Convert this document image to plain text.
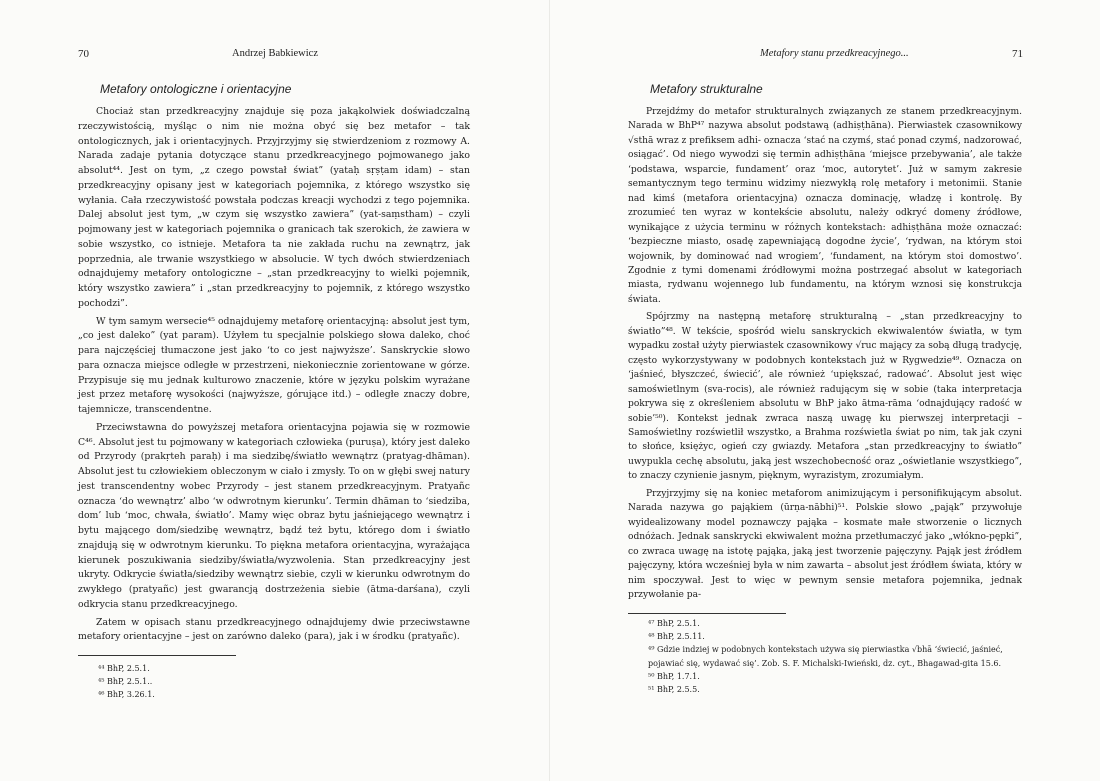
70	Andrzej Babkiewicz
Metafory ontologiczne i orientacyjne

Chociaż stan przedkreacyjny znajduje się poza jakąkolwiek doświadczalną rzeczywistością, myśląc o nim nie można obyć się bez metafor – tak ontologicznych, jak i orientacyjnych. Przyjrzyjmy się stwierdzeniom z rozmowy A. Narada zadaje pytania dotyczące stanu przedkreacyjnego pojmowanego jako absolut⁴⁴. Jest on tym, „z czego powstał świat” (yataḥ sṛṣṭam idam) – stan przedkreacyjny opisany jest w kategoriach pojemnika, z którego wszystko się wyłania. Cała rzeczywistość powstała podczas kreacji wychodzi z tego pojemnika. Dalej absolut jest tym, „w czym się wszystko zawiera” (yat-saṃstham) – czyli pojmowany jest w kategoriach pojemnika o granicach tak szerokich, że zawiera w sobie wszystko, co istnieje. Metafora ta nie zakłada ruchu na zewnątrz, jak poprzednia, ale trwanie wszystkiego w absolucie. W tych dwóch stwierdzeniach odnajdujemy metafory ontologiczne – „stan przedkreacyjny to wielki pojemnik, który wszystko zawiera” i „stan przedkreacyjny to pojemnik, z którego wszystko pochodzi”.

W tym samym wersecie⁴⁵ odnajdujemy metaforę orientacyjną: absolut jest tym, „co jest daleko” (yat param). Użyłem tu specjalnie polskiego słowa daleko, choć para najczęściej tłumaczone jest jako ‘to co jest najwyższe’. Sanskryckie słowo para oznacza miejsce odległe w przestrzeni, niekoniecznie zorientowane w górze. Przypisuje się mu jednak kulturowo znaczenie, które w języku polskim wyrażane jest przez metaforę wysokości (najwyższe, górujące itd.) – odległe znaczy dobre, tajemnicze, transcendentne.

Przeciwstawna do powyższej metafora orientacyjna pojawia się w rozmowie C⁴⁶. Absolut jest tu pojmowany w kategoriach człowieka (puruṣa), który jest daleko od Przyrody (prakṛteh paraḥ) i ma siedzibę/światło wewnątrz (pratyag-dhāman). Absolut jest tu człowiekiem obleczonym w ciało i zmysły. To on w głębi swej natury jest transcendentny wobec Przyrody – jest stanem przedkreacyjnym. Pratyañc oznacza ‘do wewnątrz’ albo ‘w odwrotnym kierunku’. Termin dhāman to ‘siedziba, dom’ lub ‘moc, chwała, światło’. Mamy więc obraz bytu jaśniejącego wewnątrz i bytu mającego dom/siedzibę wewnątrz, bądź też bytu, którego dom i światło znajdują się w odwrotnym kierunku. To piękna metafora orientacyjna, wyrażająca kierunek poszukiwania siedziby/światła/wyzwolenia. Stan przedkreacyjny jest ukryty. Odkrycie światła/siedziby wewnątrz siebie, czyli w kierunku odwrotnym do zwykłego (pratyañc) jest gwarancją dostrzeżenia siebie (ātma-darśana), czyli odkrycia stanu przedkreacyjnego.

Zatem w opisach stanu przedkreacyjnego odnajdujemy dwie przeciwstawne metafory orientacyjne – jest on zarówno daleko (para), jak i w środku (pratyañc).

⁴⁴ BhP, 2.5.1.
⁴⁵ BhP, 2.5.1..
⁴⁶ BhP, 3.26.1.
Metafory stanu przedkreacyjnego...	71
Metafory strukturalne

Przejdźmy do metafor strukturalnych związanych ze stanem przedkreacyjnym. Narada w BhP⁴⁷ nazywa absolut podstawą (adhiṣṭhāna). Pierwiastek czasownikowy √sthā wraz z prefiksem adhi- oznacza ‘stać na czymś, stać ponad czymś, nadzorować, osiągać’. Od niego wywodzi się termin adhiṣṭhāna ‘miejsce przebywania’, ale także ‘podstawa, wsparcie, fundament’ oraz ‘moc, autorytet’. Już w samym zakresie semantycznym tego terminu widzimy niezwykłą rolę metafory i metonimii. Stanie nad kimś (metafora orientacyjna) oznacza dominację, władzę i kontrolę. By zrozumieć ten wyraz w kontekście absolutu, należy odkryć domeny źródłowe, wynikające z użycia terminu w różnych kontekstach: adhiṣṭhāna może oznaczać: ‘bezpieczne miasto, osadę zapewniającą dogodne życie’, ‘rydwan, na którym stoi wojownik, by dominować nad wrogiem’, ‘fundament, na którym stoi domostwo’. Zgodnie z tymi domenami źródłowymi można postrzegać absolut w kategoriach miasta, rydwanu wojennego lub fundamentu, na którym wznosi się konstrukcja świata.

Spójrzmy na następną metaforę strukturalną – „stan przedkreacyjny to światło”⁴⁸. W tekście, spośród wielu sanskryckich ekwiwalentów światła, w tym wypadku został użyty pierwiastek czasownikowy √ruc mający za sobą długą tradycję, często wykorzystywany w podobnych kontekstach już w Rygwedzie⁴⁹. Oznacza on ‘jaśnieć, błyszczeć, świecić’, ale również ‘upiększać, radować’. Absolut jest więc samoświetlnym (sva-rocis), ale również radującym się w sobie (taka interpretacja pokrywa się z określeniem absolutu w BhP jako ātma-rāma ‘odnajdujący radość w sobie’⁵⁰). Kontekst jednak zwraca naszą uwagę ku pierwszej interpretacji – Samoświetlny rozświetlił wszystko, a Brahma rozświetla świat po nim, tak jak czyni to słońce, księżyc, ogień czy gwiazdy. Metafora „stan przedkreacyjny to światło” uwypukla cechę absolutu, jaką jest wszechobecność oraz „oświetlanie wszystkiego”, to znaczy czynienie jasnym, pięknym, wyrazistym, zrozumiałym.

Przyjrzyjmy się na koniec metaforom animizującym i personifikującym absolut. Narada nazywa go pająkiem (ūrṇa-nābhi)⁵¹. Polskie słowo „pająk” przywołuje wyidealizowany model poznawczy pająka – kosmate małe stworzenie o licznych odnóżach. Jednak sanskrycki ekwiwalent można przetłumaczyć jako „włókno-pępki”, co zwraca uwagę na istotę pająka, jaką jest tworzenie pajęczyny. Pająk jest źródłem pajęczyny, która wcześniej była w nim zawarta – absolut jest źródłem świata, który w nim spoczywał. Jest to więc w pewnym sensie metafora pojemnika, jednak przywołanie pa-

⁴⁷ BhP, 2.5.1.
⁴⁸ BhP, 2.5.11.
⁴⁹ Gdzie indziej w podobnych kontekstach używa się pierwiastka √bhā ‘świecić, jaśnieć, pojawiać się, wydawać się’. Zob. S. F. Michalski-Iwieński, dz. cyt., Bhagawad-gita 15.6.
⁵⁰ BhP, 1.7.1.
⁵¹ BhP, 2.5.5.
